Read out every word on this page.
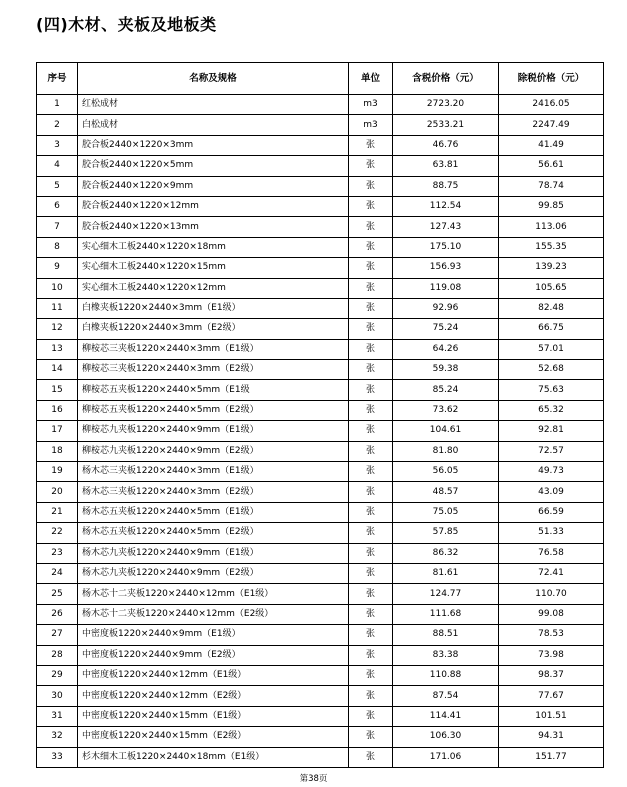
(四)木材、夹板及地板类
序号	名称及规格	单位	含税价格（元）	除税价格（元）
1	红松成材	m3	2723.20	2416.05
2	白松成材	m3	2533.21	2247.49
3	胶合板2440×1220×3mm	张	46.76	41.49
4	胶合板2440×1220×5mm	张	63.81	56.61
5	胶合板2440×1220×9mm	张	88.75	78.74
6	胶合板2440×1220×12mm	张	112.54	99.85
7	胶合板2440×1220×13mm	张	127.43	113.06
8	实心细木工板2440×1220×18mm	张	175.10	155.35
9	实心细木工板2440×1220×15mm	张	156.93	139.23
10	实心细木工板2440×1220×12mm	张	119.08	105.65
11	白橡夹板1220×2440×3mm（E1级）	张	92.96	82.48
12	白橡夹板1220×2440×3mm（E2级）	张	75.24	66.75
13	柳桉芯三夹板1220×2440×3mm（E1级）	张	64.26	57.01
14	柳桉芯三夹板1220×2440×3mm（E2级）	张	59.38	52.68
15	柳桉芯五夹板1220×2440×5mm（E1级	张	85.24	75.63
16	柳桉芯五夹板1220×2440×5mm（E2级）	张	73.62	65.32
17	柳桉芯九夹板1220×2440×9mm（E1级）	张	104.61	92.81
18	柳桉芯九夹板1220×2440×9mm（E2级）	张	81.80	72.57
19	杨木芯三夹板1220×2440×3mm（E1级）	张	56.05	49.73
20	杨木芯三夹板1220×2440×3mm（E2级）	张	48.57	43.09
21	杨木芯五夹板1220×2440×5mm（E1级）	张	75.05	66.59
22	杨木芯五夹板1220×2440×5mm（E2级）	张	57.85	51.33
23	杨木芯九夹板1220×2440×9mm（E1级）	张	86.32	76.58
24	杨木芯九夹板1220×2440×9mm（E2级）	张	81.61	72.41
25	杨木芯十二夹板1220×2440×12mm（E1级）	张	124.77	110.70
26	杨木芯十二夹板1220×2440×12mm（E2级）	张	111.68	99.08
27	中密度板1220×2440×9mm（E1级）	张	88.51	78.53
28	中密度板1220×2440×9mm（E2级）	张	83.38	73.98
29	中密度板1220×2440×12mm（E1级）	张	110.88	98.37
30	中密度板1220×2440×12mm（E2级）	张	87.54	77.67
31	中密度板1220×2440×15mm（E1级）	张	114.41	101.51
32	中密度板1220×2440×15mm（E2级）	张	106.30	94.31
33	杉木细木工板1220×2440×18mm（E1级）	张	171.06	151.77
第38页
